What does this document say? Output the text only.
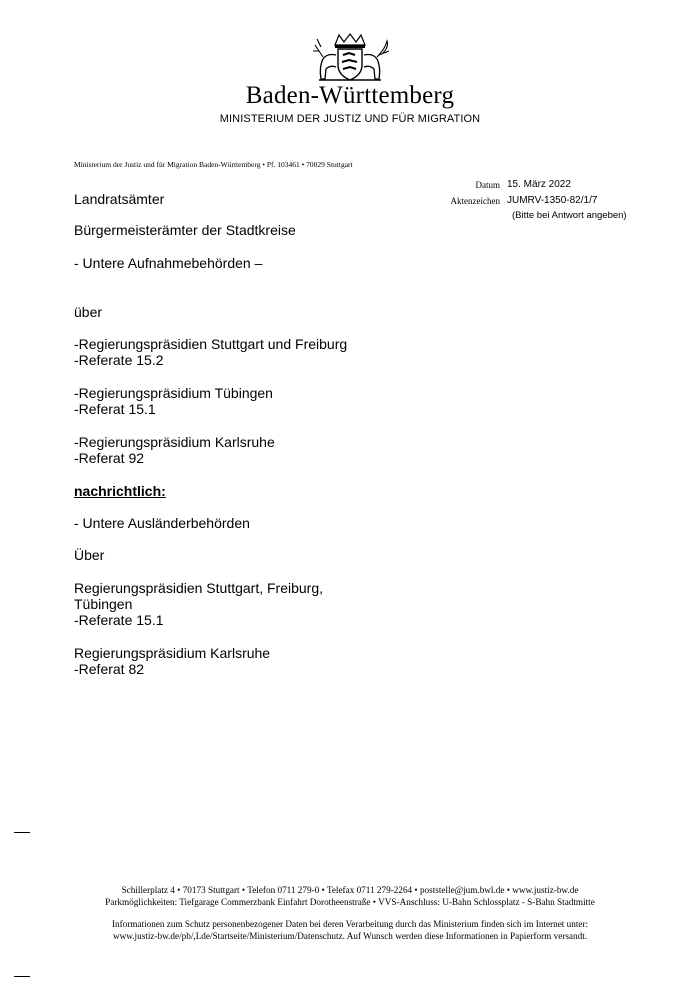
Baden-Württemberg
MINISTERIUM DER JUSTIZ UND FÜR MIGRATION
Ministerium der Justiz und für Migration Baden-Württemberg • Pf. 103461 • 70029 Stuttgart
Datum 15. März 2022
Aktenzeichen JUMRV-1350-82/1/7
(Bitte bei Antwort angeben)
Landratsämter
Bürgermeisterämter der Stadtkreise
- Untere Aufnahmebehörden –
über
-Regierungspräsidien Stuttgart und Freiburg
-Referate 15.2
-Regierungspräsidium Tübingen
-Referat 15.1
-Regierungspräsidium Karlsruhe
-Referat 92
nachrichtlich:
- Untere Ausländerbehörden
Über
Regierungspräsidien Stuttgart, Freiburg,
Tübingen
-Referate 15.1
Regierungspräsidium Karlsruhe
-Referat 82
Schillerplatz 4 • 70173 Stuttgart • Telefon 0711 279-0 • Telefax 0711 279-2264 • poststelle@jum.bwl.de • www.justiz-bw.de
Parkmöglichkeiten: Tiefgarage Commerzbank Einfahrt Dorotheenstraße • VVS-Anschluss: U-Bahn Schlossplatz - S-Bahn Stadtmitte
Informationen zum Schutz personenbezogener Daten bei deren Verarbeitung durch das Ministerium finden sich im Internet unter:
www.justiz-bw.de/pb/,Lde/Startseite/Ministerium/Datenschutz. Auf Wunsch werden diese Informationen in Papierform versandt.
